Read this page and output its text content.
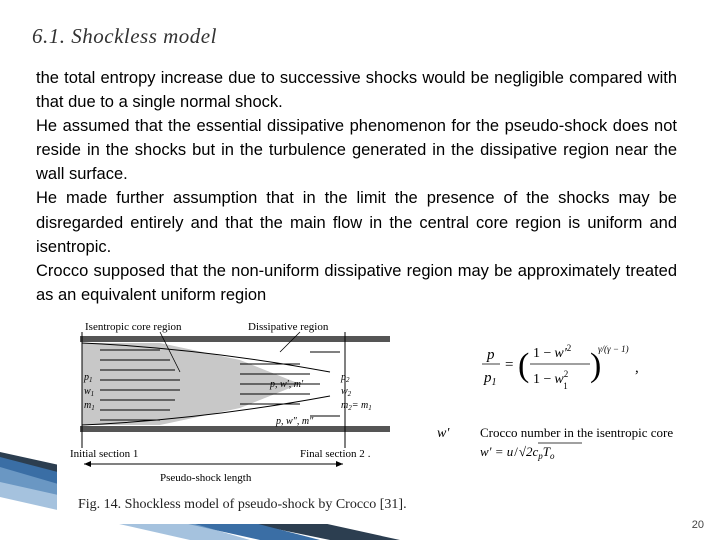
6.1. Shockless model

the total entropy increase due to successive shocks would be negligible compared with that due to a single normal shock.

He assumed that the essential dissipative phenomenon for the pseudo-shock does not reside in the shocks but in the turbulence generated in the dissipative region near the wall surface.

He made further assumption that in the limit the presence of the shocks may be disregarded entirely and that the main flow in the central core region is uniform and isentropic.

Crocco supposed that the non-uniform dissipative region may be approximately treated as an equivalent uniform region

Isentropic core region	Dissipative region
$p_1$
$w_1$
$m_1$
$p_2$
$w_2$
$m_2= m_1$
p, w', m'
p, w", m"
Initial section 1	Final section 2 .
Pseudo-shock length
p
$p_1$
= ( $1 - w'^2$
$1 - w^2$ 1
)
γ/(γ − 1)
,
w' Crocco number in the isentropic core
$w' = u/√2c_pT_o$
Fig. 14. Shockless model of pseudo-shock by Crocco [31].
20
